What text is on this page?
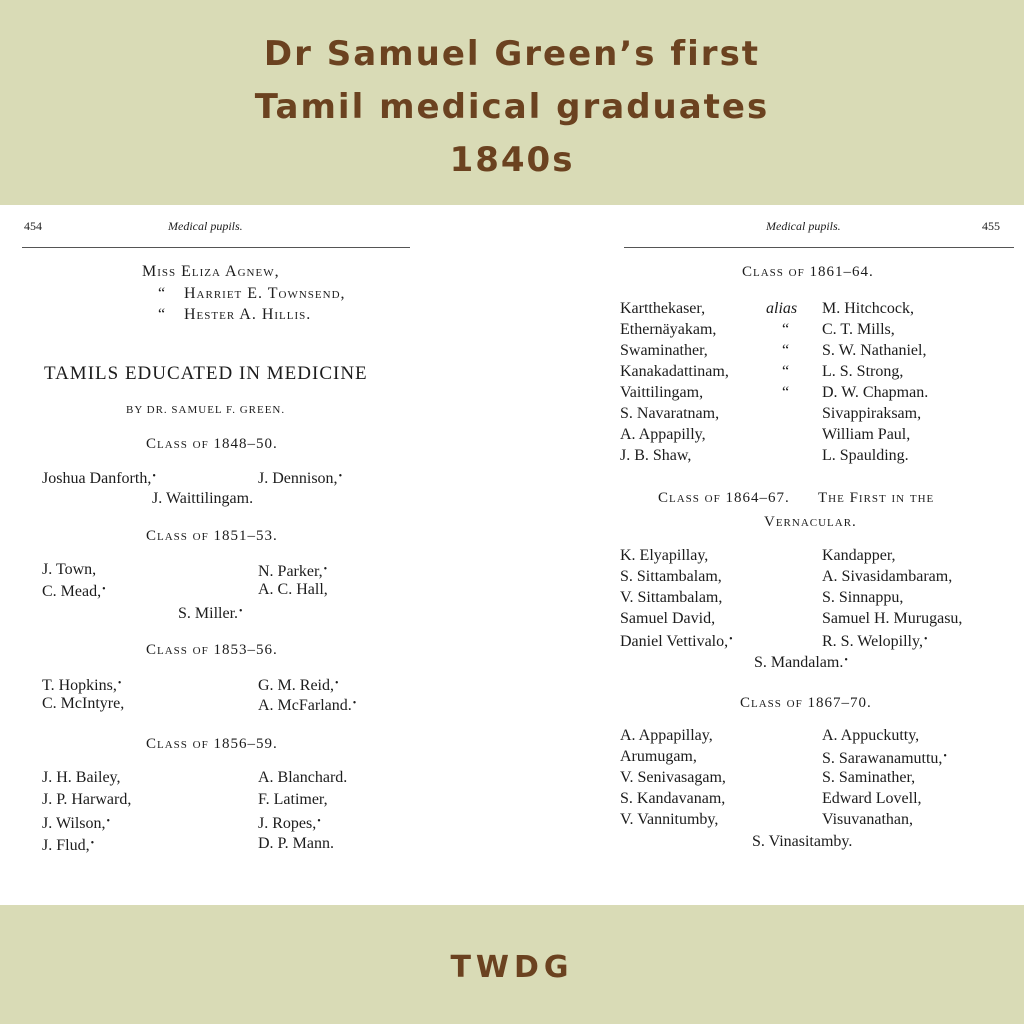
Dr Samuel Green’s first
Tamil medical graduates
1840s
454	Medical pupils.
Miss Eliza Agnew,
“ Harriet E. Townsend,
“ Hester A. Hillis.
TAMILS EDUCATED IN MEDICINE
BY DR. SAMUEL F. GREEN.
Class of 1848–50.
Joshua Danforth,•	J. Dennison,•
J. Waittilingam.
Class of 1851–53.
J. Town,	N. Parker,•
C. Mead,•	A. C. Hall,
S. Miller.•
Class of 1853–56.
T. Hopkins,•	G. M. Reid,•
C. McIntyre,	A. McFarland.•
Class of 1856–59.
J. H. Bailey,	A. Blanchard.
J. P. Harward,	F. Latimer,
J. Wilson,•	J. Ropes,•
J. Flud,•	D. P. Mann.
Medical pupils.	455
Class of 1861–64.
Kartthekaser,	alias M. Hitchcock,
Ethernäyakam,	“ C. T. Mills,
Swaminather,	“ S. W. Nathaniel,
Kanakadattinam,	“ L. S. Strong,
Vaittilingam,	“ D. W. Chapman.
S. Navaratnam,	Sivappiraksam,
A. Appapilly,	William Paul,
J. B. Shaw,	L. Spaulding.
Class of 1864–67. The First in the
Vernacular.
K. Elyapillay,	Kandapper,
S. Sittambalam,	A. Sivasidambaram,
V. Sittambalam,	S. Sinnappu,
Samuel David,	Samuel H. Murugasu,
Daniel Vettivalo,•	R. S. Welopilly,•
S. Mandalam.•
Class of 1867–70.
A. Appapillay,	A. Appuckutty,
Arumugam,	S. Sarawanamuttu,•
V. Senivasagam,	S. Saminather,
S. Kandavanam,	Edward Lovell,
V. Vannitumby,	Visuvanathan,
S. Vinasitamby.
TWDG
